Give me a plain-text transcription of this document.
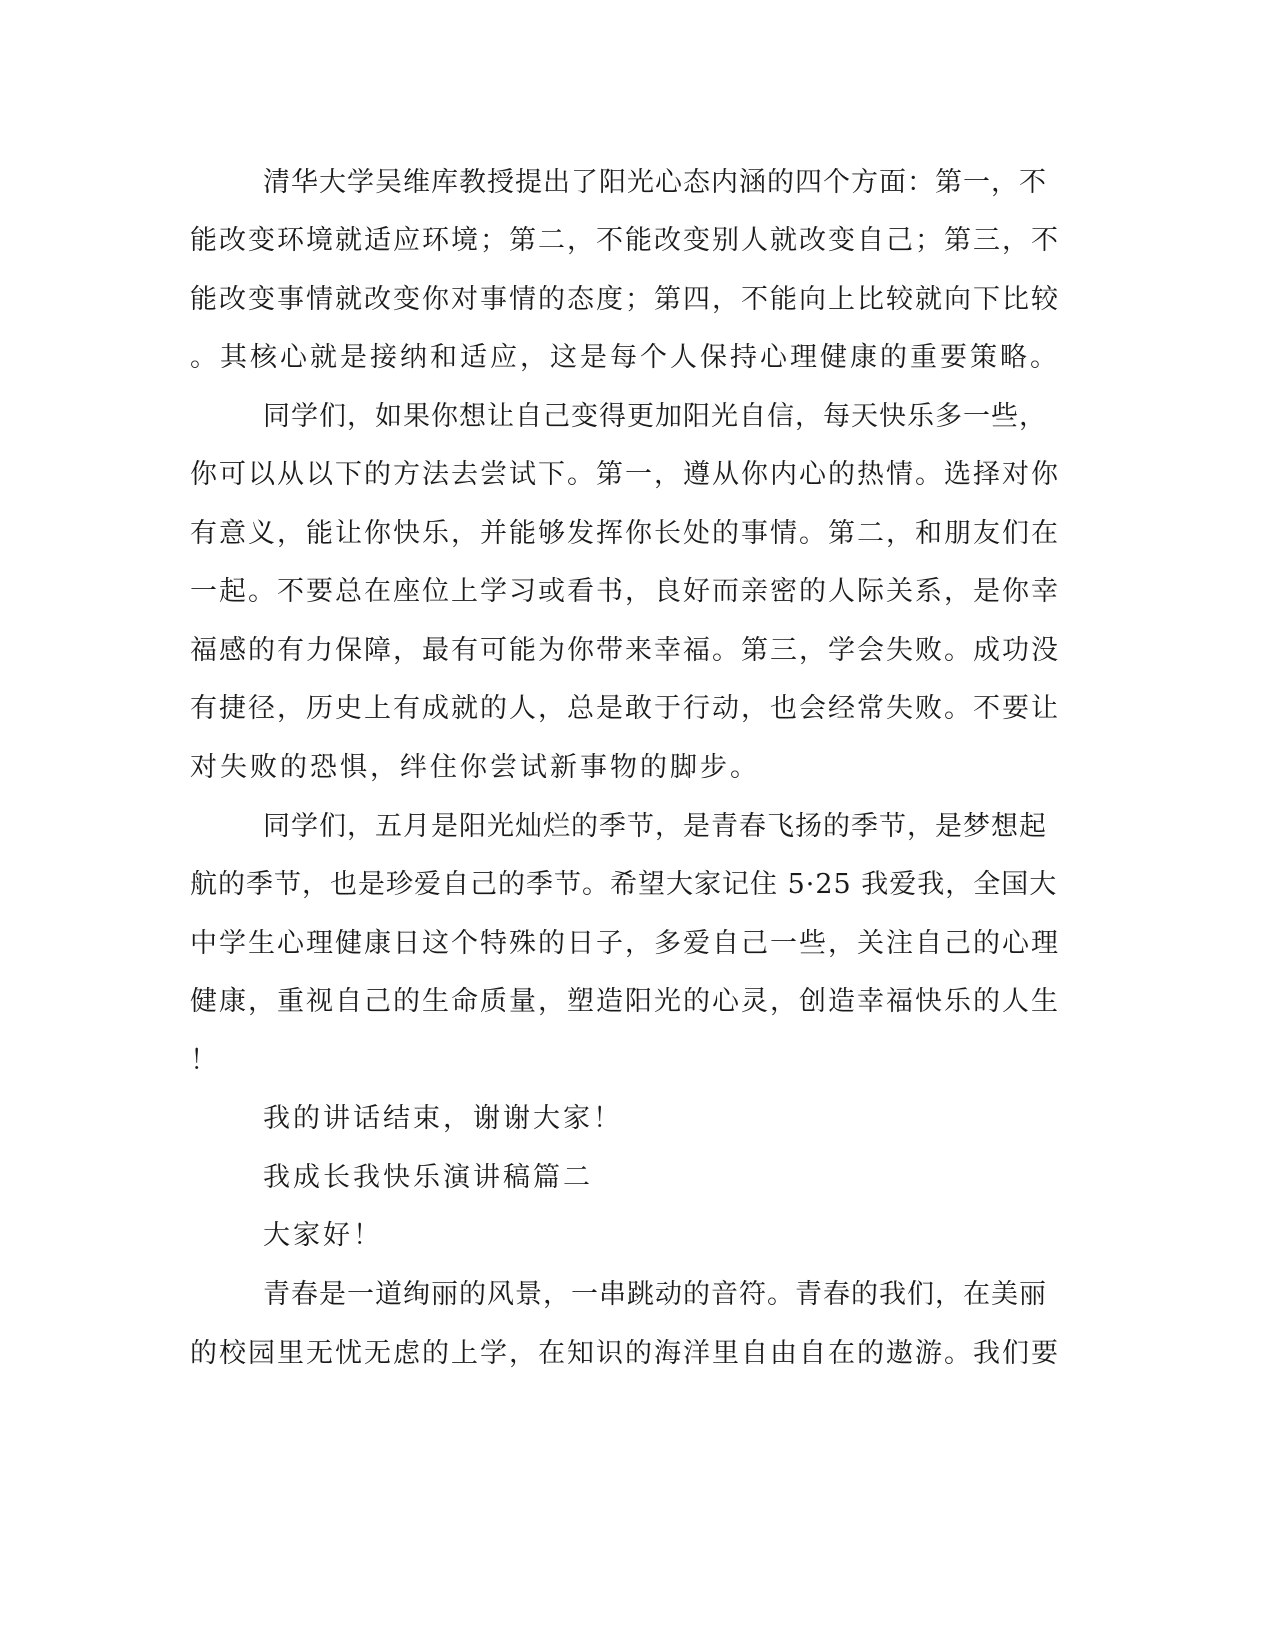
清华大学吴维库教授提出了阳光心态内涵的四个方面：第一，不
能改变环境就适应环境；第二，不能改变别人就改变自己；第三，不
能改变事情就改变你对事情的态度；第四，不能向上比较就向下比较
。其核心就是接纳和适应，这是每个人保持心理健康的重要策略。
同学们，如果你想让自己变得更加阳光自信，每天快乐多一些，
你可以从以下的方法去尝试下。第一，遵从你内心的热情。选择对你
有意义，能让你快乐，并能够发挥你长处的事情。第二，和朋友们在
一起。不要总在座位上学习或看书，良好而亲密的人际关系，是你幸
福感的有力保障，最有可能为你带来幸福。第三，学会失败。成功没
有捷径，历史上有成就的人，总是敢于行动，也会经常失败。不要让
对失败的恐惧，绊住你尝试新事物的脚步。
同学们，五月是阳光灿烂的季节，是青春飞扬的季节，是梦想起
航的季节，也是珍爱自己的季节。希望大家记住 5·25 我爱我，全国大
中学生心理健康日这个特殊的日子，多爱自己一些，关注自己的心理
健康，重视自己的生命质量，塑造阳光的心灵，创造幸福快乐的人生
！
我的讲话结束，谢谢大家！
我成长我快乐演讲稿篇二
大家好！
青春是一道绚丽的风景，一串跳动的音符。青春的我们，在美丽
的校园里无忧无虑的上学，在知识的海洋里自由自在的遨游。我们要
